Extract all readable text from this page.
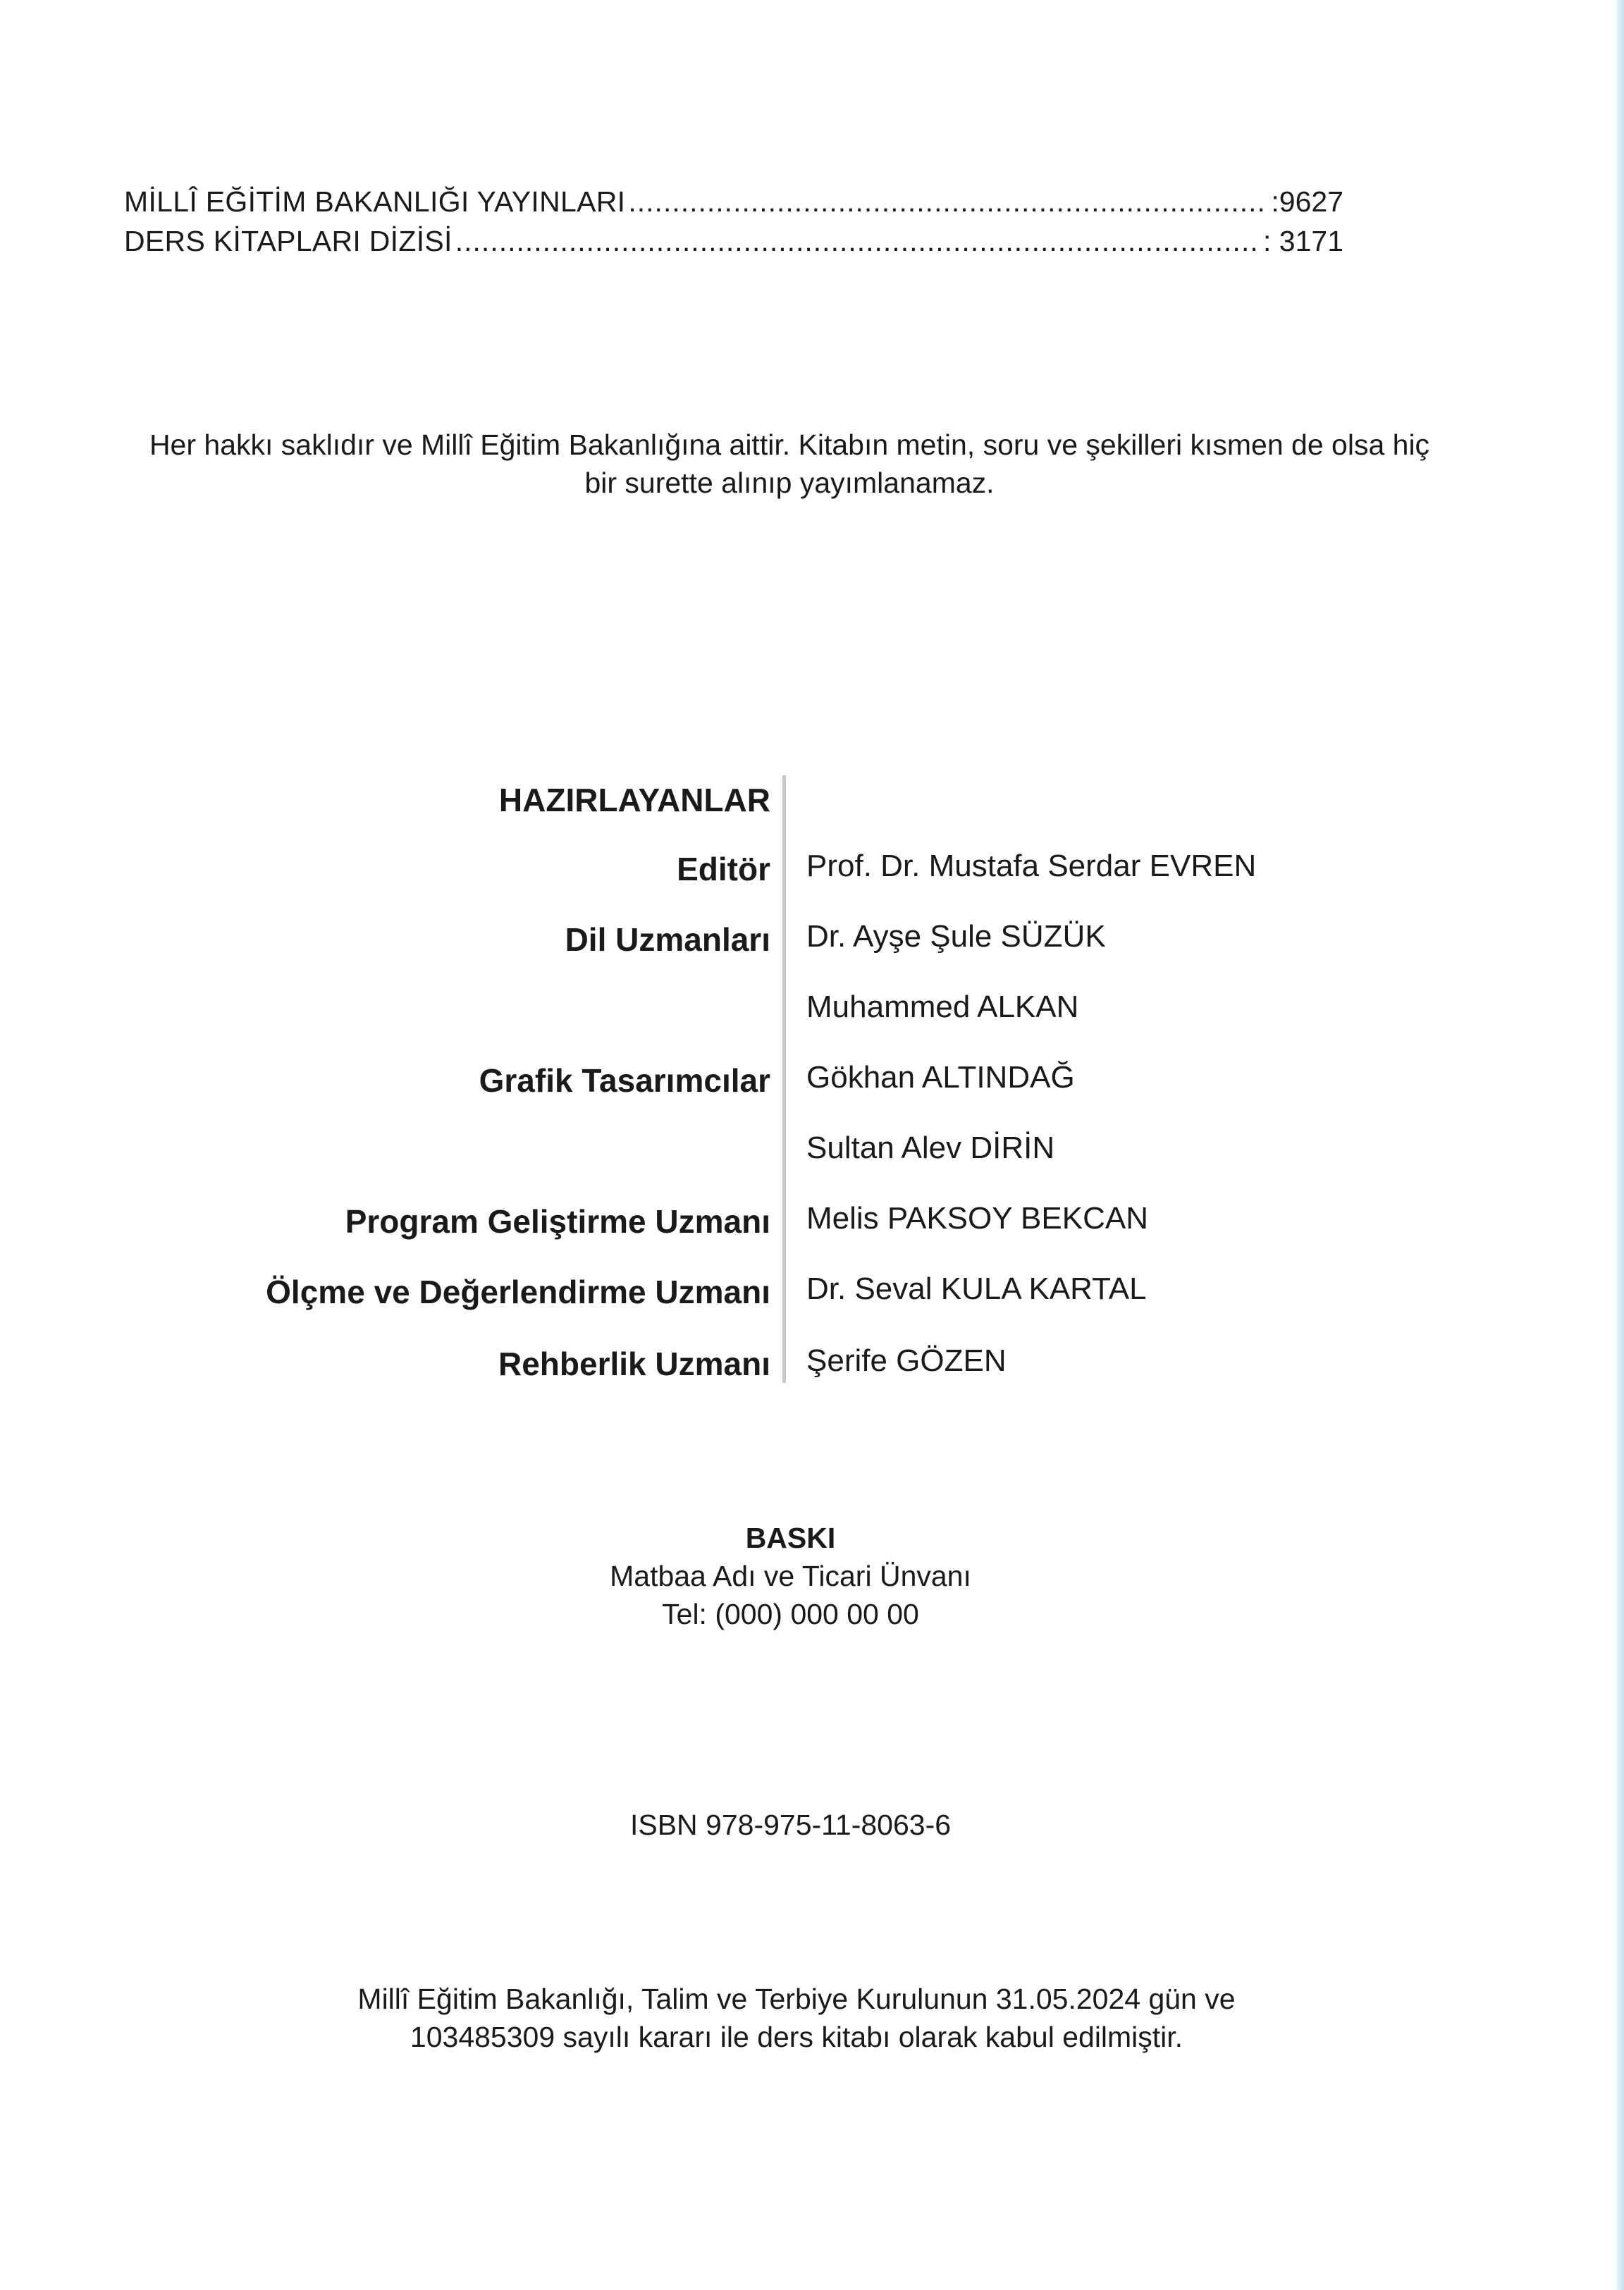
MİLLÎ EĞİTİM BAKANLIĞI YAYINLARI .....	:9627
DERS KİTAPLARI DİZİSİ .....	: 3171
Her hakkı saklıdır ve Millî Eğitim Bakanlığına aittir. Kitabın metin, soru ve şekilleri kısmen de olsa hiç
bir surette alınıp yayımlanamaz.
HAZIRLAYANLAR
Editör Prof. Dr. Mustafa Serdar EVREN
Dil Uzmanları Dr. Ayşe Şule SÜZÜK
Muhammed ALKAN
Grafik Tasarımcılar Gökhan ALTINDAĞ
Sultan Alev DİRİN
Program Geliştirme Uzmanı Melis PAKSOY BEKCAN
Ölçme ve Değerlendirme Uzmanı Dr. Seval KULA KARTAL
Rehberlik Uzmanı Şerife GÖZEN
BASKI
Matbaa Adı ve Ticari Ünvanı
Tel: (000) 000 00 00
ISBN 978-975-11-8063-6
Millî Eğitim Bakanlığı, Talim ve Terbiye Kurulunun 31.05.2024 gün ve
103485309 sayılı kararı ile ders kitabı olarak kabul edilmiştir.
